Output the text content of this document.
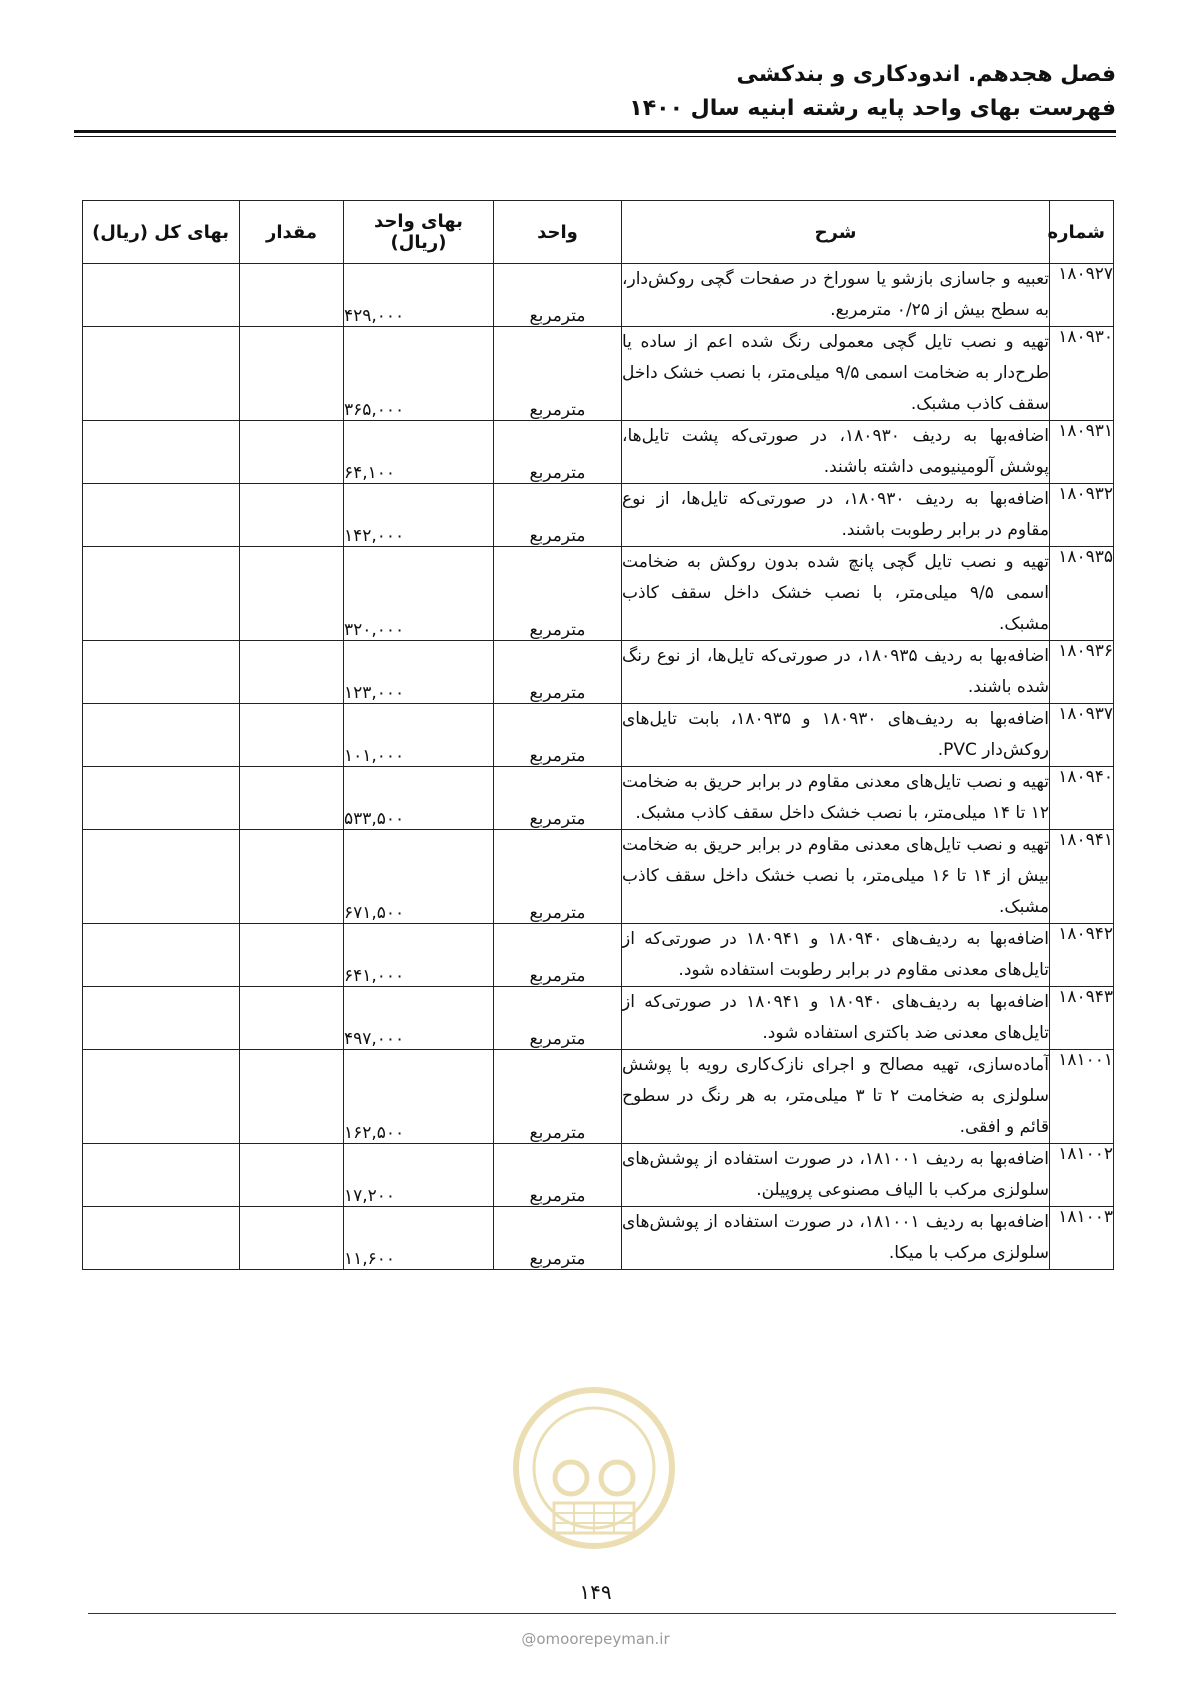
فصل هجدهم. اندودکاری و بندکشی
فهرست بهای واحد پایه رشته ابنیه سال ۱۴۰۰
شماره	شرح	واحد	بهای واحد (ریال)	مقدار	بهای کل (ریال)
۱۸۰۹۲۷	تعبیه و جاسازی بازشو یا سوراخ در صفحات گچی روکش‌دار، به سطح بیش از ۰/۲۵ مترمربع.	مترمربع	۴۲۹,۰۰۰		
۱۸۰۹۳۰	تهیه و نصب تایل گچی معمولی رنگ شده اعم از ساده یا طرح‌دار به ضخامت اسمی ۹/۵ میلی‌متر، با نصب خشک داخل سقف کاذب مشبک.	مترمربع	۳۶۵,۰۰۰		
۱۸۰۹۳۱	اضافه‌بها به ردیف ۱۸۰۹۳۰، در صورتی‌که پشت تایل‌ها، پوشش آلومینیومی داشته باشند.	مترمربع	۶۴,۱۰۰		
۱۸۰۹۳۲	اضافه‌بها به ردیف ۱۸۰۹۳۰، در صورتی‌که تایل‌ها، از نوع مقاوم در برابر رطوبت باشند.	مترمربع	۱۴۲,۰۰۰		
۱۸۰۹۳۵	تهیه و نصب تایل گچی پانچ شده بدون روکش به ضخامت اسمی ۹/۵ میلی‌متر، با نصب خشک داخل سقف کاذب مشبک.	مترمربع	۳۲۰,۰۰۰		
۱۸۰۹۳۶	اضافه‌بها به ردیف ۱۸۰۹۳۵، در صورتی‌که تایل‌ها، از نوع رنگ شده باشند.	مترمربع	۱۲۳,۰۰۰		
۱۸۰۹۳۷	اضافه‌بها به ردیف‌های ۱۸۰۹۳۰ و ۱۸۰۹۳۵، بابت تایل‌های روکش‌دار PVC.	مترمربع	۱۰۱,۰۰۰		
۱۸۰۹۴۰	تهیه و نصب تایل‌های معدنی مقاوم در برابر حریق به ضخامت ۱۲ تا ۱۴ میلی‌متر، با نصب خشک داخل سقف کاذب مشبک.	مترمربع	۵۳۳,۵۰۰		
۱۸۰۹۴۱	تهیه و نصب تایل‌های معدنی مقاوم در برابر حریق به ضخامت بیش از ۱۴ تا ۱۶ میلی‌متر، با نصب خشک داخل سقف کاذب مشبک.	مترمربع	۶۷۱,۵۰۰		
۱۸۰۹۴۲	اضافه‌بها به ردیف‌های ۱۸۰۹۴۰ و ۱۸۰۹۴۱ در صورتی‌که از تایل‌های معدنی مقاوم در برابر رطوبت استفاده شود.	مترمربع	۶۴۱,۰۰۰		
۱۸۰۹۴۳	اضافه‌بها به ردیف‌های ۱۸۰۹۴۰ و ۱۸۰۹۴۱ در صورتی‌که از تایل‌های معدنی ضد باکتری استفاده شود.	مترمربع	۴۹۷,۰۰۰		
۱۸۱۰۰۱	آماده‌سازی، تهیه مصالح و اجرای نازک‌کاری رویه با پوشش سلولزی به ضخامت ۲ تا ۳ میلی‌متر، به هر رنگ در سطوح قائم و افقی.	مترمربع	۱۶۲,۵۰۰		
۱۸۱۰۰۲	اضافه‌بها به ردیف ۱۸۱۰۰۱، در صورت استفاده از پوشش‌های سلولزی مرکب با الیاف مصنوعی پروپیلن.	مترمربع	۱۷,۲۰۰		
۱۸۱۰۰۳	اضافه‌بها به ردیف ۱۸۱۰۰۱، در صورت استفاده از پوشش‌های سلولزی مرکب با میکا.	مترمربع	۱۱,۶۰۰		
۱۴۹
@omoorepeyman.ir
